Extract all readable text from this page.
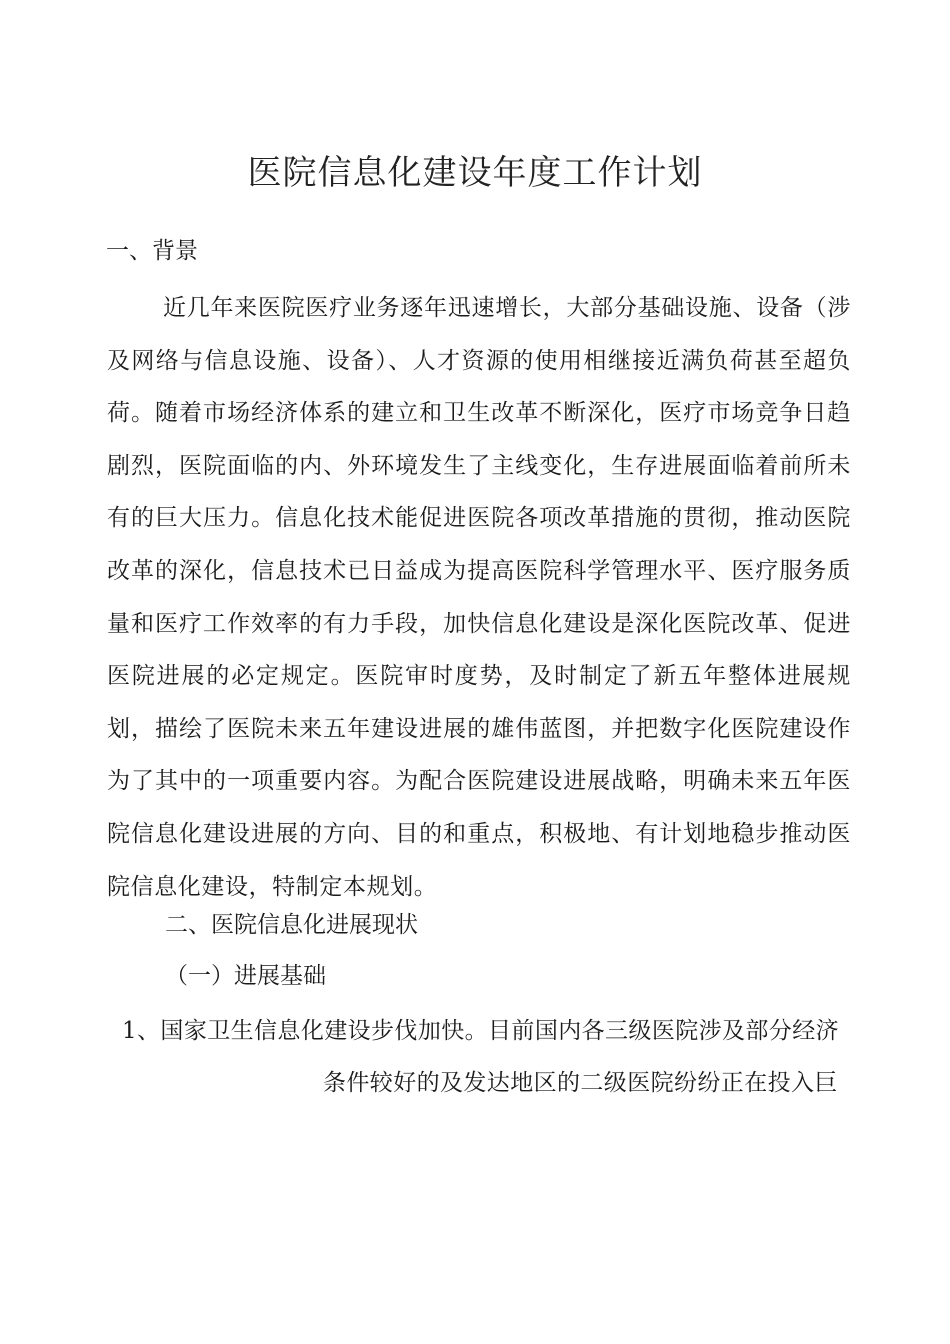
医院信息化建设年度工作计划
一、背景

近几年来医院医疗业务逐年迅速增长，大部分基础设施、设备（涉及网络与信息设施、设备）、人才资源的使用相继接近满负荷甚至超负荷。随着市场经济体系的建立和卫生改革不断深化，医疗市场竞争日趋剧烈，医院面临的内、外环境发生了主线变化，生存进展面临着前所未有的巨大压力。信息化技术能促进医院各项改革措施的贯彻，推动医院改革的深化，信息技术已日益成为提高医院科学管理水平、医疗服务质量和医疗工作效率的有力手段，加快信息化建设是深化医院改革、促进医院进展的必定规定。医院审时度势，及时制定了新五年整体进展规划，描绘了医院未来五年建设进展的雄伟蓝图，并把数字化医院建设作为了其中的一项重要内容。为配合医院建设进展战略，明确未来五年医院信息化建设进展的方向、目的和重点，积极地、有计划地稳步推动医院信息化建设，特制定本规划。

二、医院信息化进展现状
（一）进展基础
1、国家卫生信息化建设步伐加快。目前国内各三级医院涉及部分经济
条件较好的及发达地区的二级医院纷纷正在投入巨
